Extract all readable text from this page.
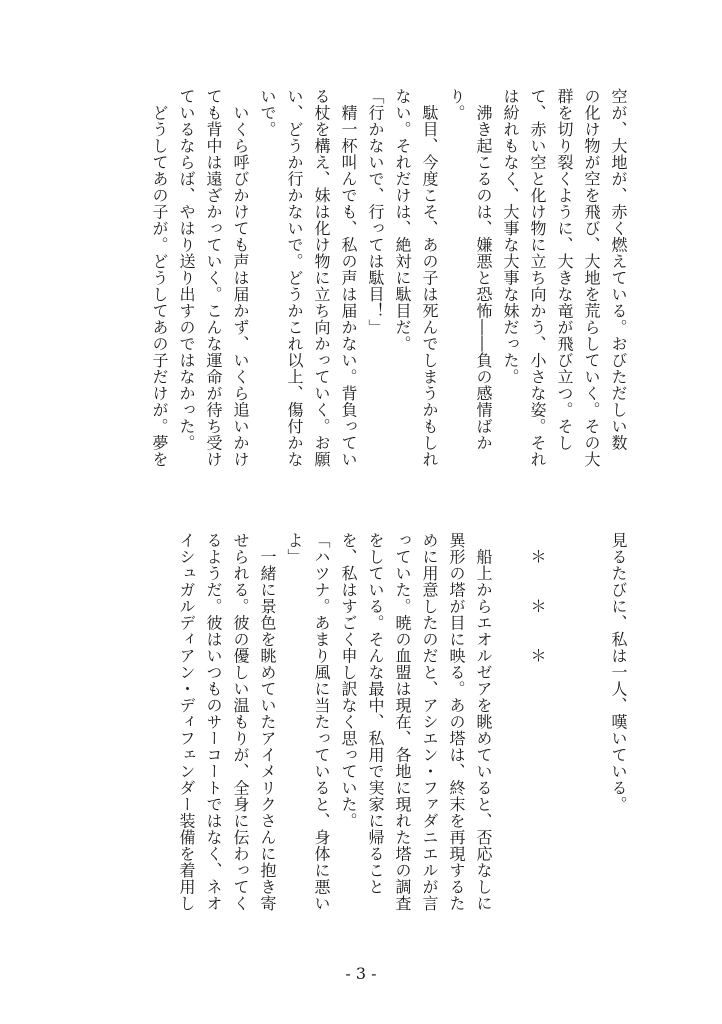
空が、大地が、赤く燃えている。おびただしい数
の化け物が空を飛び、大地を荒らしていく。その大
群を切り裂くように、大きな竜が飛び立つ。そし
て、赤い空と化け物に立ち向かう、小さな姿。それ
は紛れもなく、大事な大事な妹だった。
　沸き起こるのは、嫌悪と恐怖――負の感情ばか
り。
　駄目、今度こそ、あの子は死んでしまうかもしれ
ない。それだけは、絶対に駄目だ。
「行かないで、行っては駄目！」
　精一杯叫んでも、私の声は届かない。背負ってい
る杖を構え、妹は化け物に立ち向かっていく。お願
い、どうか行かないで。どうかこれ以上、傷付かな
いで。
　いくら呼びかけても声は届かず、いくら追いかけ
ても背中は遠ざかっていく。こんな運命が待ち受け
ているならば、やはり送り出すのではなかった。
　どうしてあの子が。どうしてあの子だけが。夢を
見るたびに、私は一人、嘆いている。
＊　　＊　　＊
　船上からエオルゼアを眺めていると、否応なしに
異形の塔が目に映る。あの塔は、終末を再現するた
めに用意したのだと、アシエン・ファダニエルが言
っていた。暁の血盟は現在、各地に現れた塔の調査
をしている。そんな最中、私用で実家に帰ること
を、私はすごく申し訳なく思っていた。
「ハツナ。あまり風に当たっていると、身体に悪い
よ」
　一緒に景色を眺めていたアイメリクさんに抱き寄
せられる。彼の優しい温もりが、全身に伝わってく
るようだ。彼はいつものサーコートではなく、ネオ
イシュガルディアン・ディフェンダー装備を着用し
- 3 -
